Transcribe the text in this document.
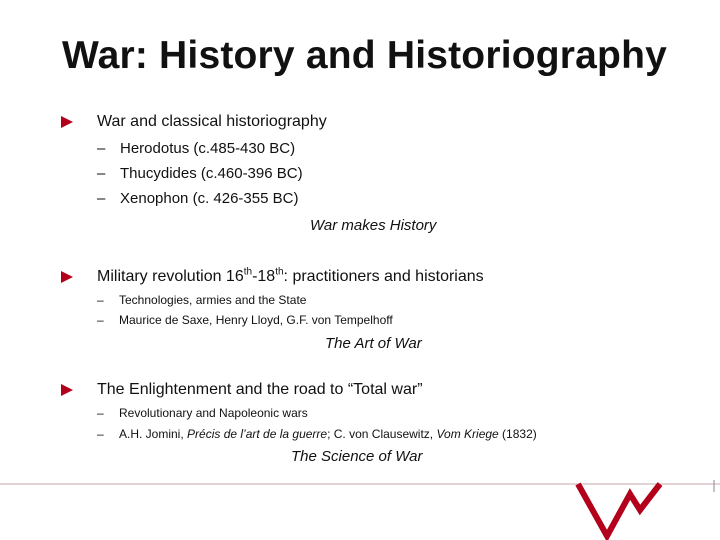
War: History and Historiography
War and classical historiography
– Herodotus (c.485-430 BC)
– Thucydides (c.460-396 BC)
– Xenophon (c. 426-355 BC)
War makes History
Military revolution 16th-18th: practitioners and historians
– Technologies, armies and the State
– Maurice de Saxe, Henry Lloyd, G.F. von Tempelhoff
The Art of War
The Enlightenment and the road to “Total war”
– Revolutionary and Napoleonic wars
– A.H. Jomini, Précis de l’art de la guerre; C. von Clausewitz, Vom Kriege (1832)
The Science of War
